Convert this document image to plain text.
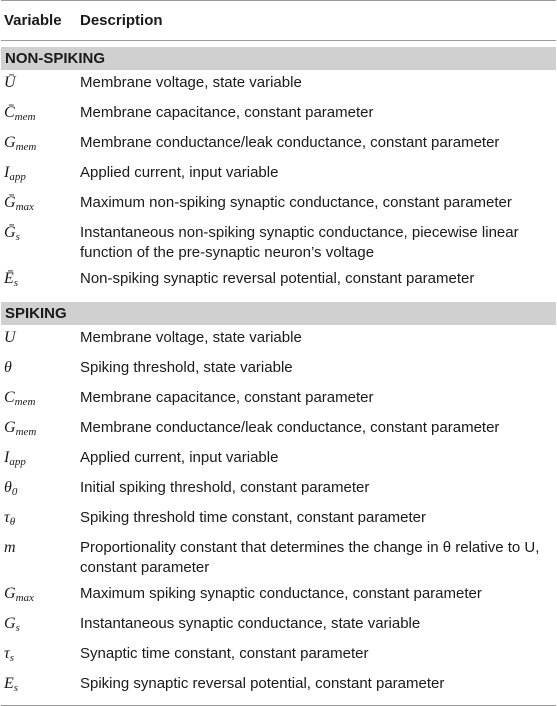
Variable	Description
NON-SPIKING
Ū	Membrane voltage, state variable
$C̄_{mem}$	Membrane capacitance, constant parameter
$G_{mem}$	Membrane conductance/leak conductance, constant parameter
$I_{app}$	Applied current, input variable
Ḡ$_{max}$	Maximum non-spiking synaptic conductance, constant parameter
Ḡ$_s$	Instantaneous non-spiking synaptic conductance, piecewise linear function of the pre-synaptic neuron’s voltage
$Ē_s$	Non-spiking synaptic reversal potential, constant parameter
SPIKING
U	Membrane voltage, state variable
θ	Spiking threshold, state variable
$C_{mem}$	Membrane capacitance, constant parameter
$G_{mem}$	Membrane conductance/leak conductance, constant parameter
$I_{app}$	Applied current, input variable
$\theta_0$	Initial spiking threshold, constant parameter
$\tau_\theta$	Spiking threshold time constant, constant parameter
m	Proportionality constant that determines the change in θ relative to U, constant parameter
$G_{max}$	Maximum spiking synaptic conductance, constant parameter
$G_s$	Instantaneous synaptic conductance, state variable
$\tau_s$	Synaptic time constant, constant parameter
$E_s$	Spiking synaptic reversal potential, constant parameter
